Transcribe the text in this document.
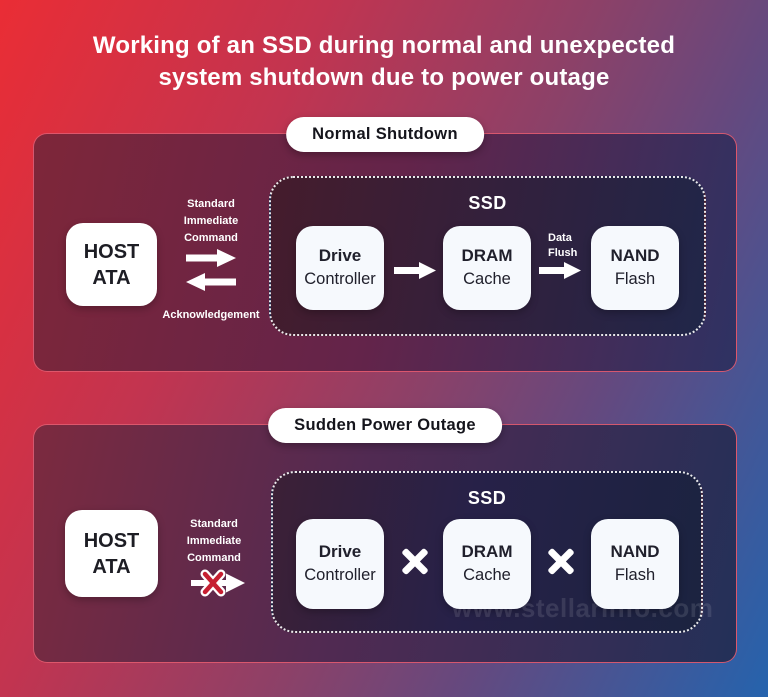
Working of an SSD during normal and unexpected system shutdown due to power outage
Normal Shutdown
HOST ATA
Standard Immediate Command
Acknowledgement
SSD
Drive
Controller
DRAM
Cache
Data Flush	NAND
Flash
Sudden Power Outage
HOST ATA
Standard Immediate Command
SSD
Drive
Controller
DRAM
Cache
NAND
Flash
www.stellarinfo.com
